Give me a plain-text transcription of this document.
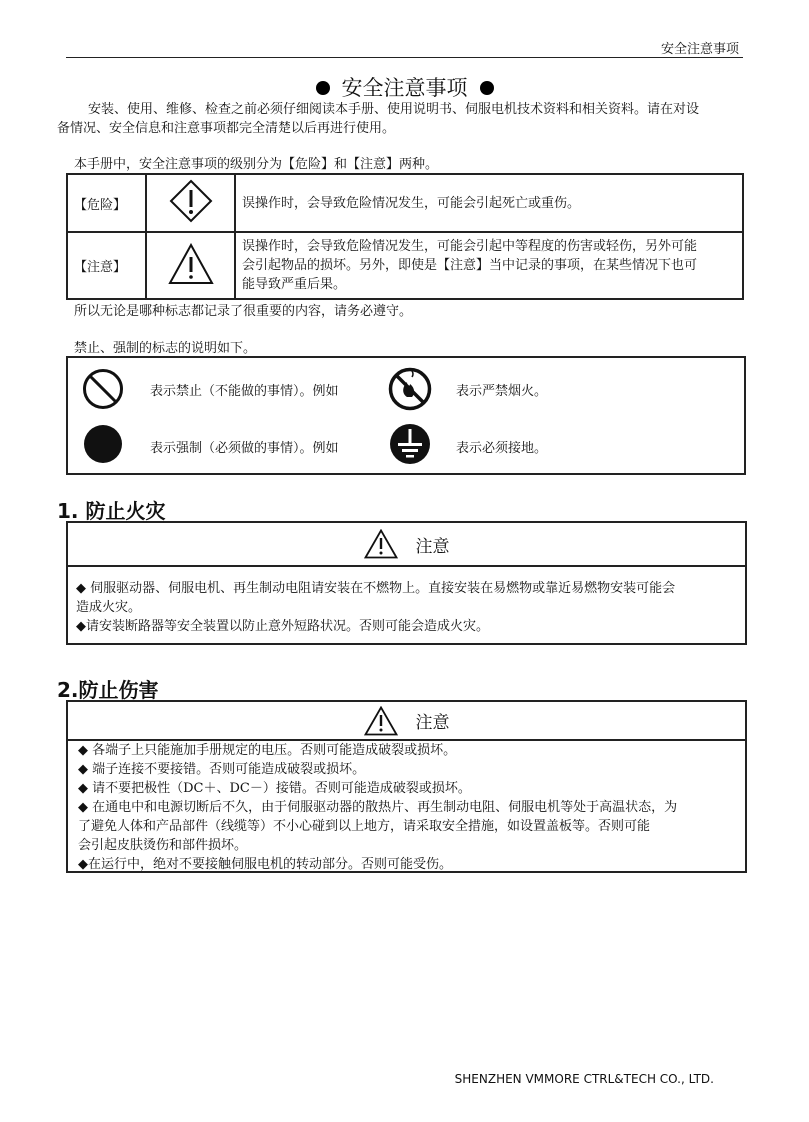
安全注意事项
安全注意事项
安装、使用、维修、检查之前必须仔细阅读本手册、使用说明书、伺服电机技术资料和相关资料。请在对设
备情况、安全信息和注意事项都完全清楚以后再进行使用。
本手册中，安全注意事项的级别分为【危险】和【注意】两种。
【危险】		误操作时，会导致危险情况发生，可能会引起死亡或重伤。
【注意】		误操作时，会导致危险情况发生，可能会引起中等程度的伤害或轻伤，另外可能
会引起物品的损坏。另外，即使是【注意】当中记录的事项，在某些情况下也可
能导致严重后果。
所以无论是哪种标志都记录了很重要的内容，请务必遵守。
禁止、强制的标志的说明如下。
表示禁止（不能做的事情）。例如	表示严禁烟火。
表示强制（必须做的事情）。例如	表示必须接地。
1. 防止火灾
注意
◆ 伺服驱动器、伺服电机、再生制动电阻请安装在不燃物上。直接安装在易燃物或靠近易燃物安装可能会
造成火灾。
◆请安装断路器等安全装置以防止意外短路状况。否则可能会造成火灾。
2.防止伤害
注意
◆ 各端子上只能施加手册规定的电压。否则可能造成破裂或损坏。
◆ 端子连接不要接错。否则可能造成破裂或损坏。
◆ 请不要把极性（DC＋、DC－）接错。否则可能造成破裂或损坏。
◆ 在通电中和电源切断后不久，由于伺服驱动器的散热片、再生制动电阻、伺服电机等处于高温状态，为
了避免人体和产品部件（线缆等）不小心碰到以上地方，请采取安全措施，如设置盖板等。否则可能
会引起皮肤烫伤和部件损坏。
◆在运行中，绝对不要接触伺服电机的转动部分。否则可能受伤。
SHENZHEN VMMORE CTRL&TECH CO., LTD.
